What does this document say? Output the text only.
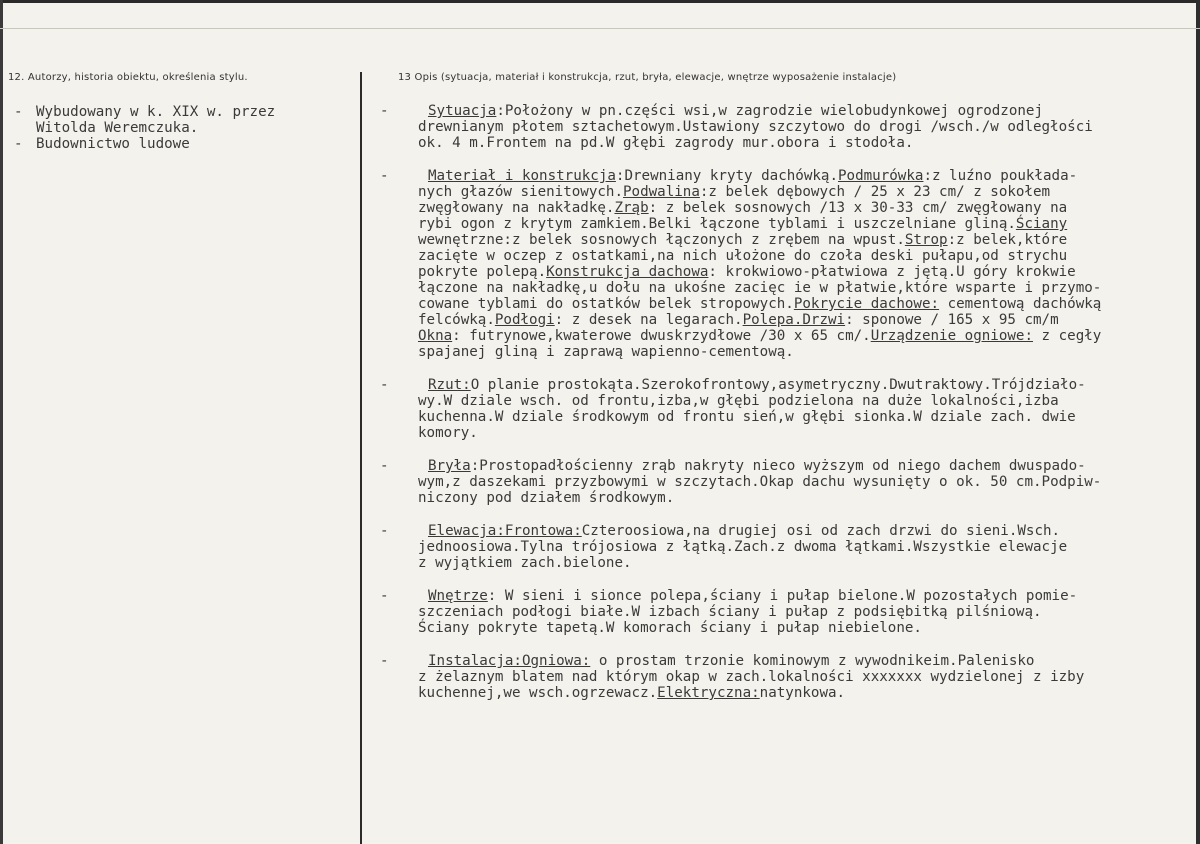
12. Autorzy, historia obiektu, określenia stylu.	13 Opis (sytuacja, materiał i konstrukcja, rzut, bryła, elewacje, wnętrze wyposażenie instalacje)
- Wybudowany w k. XIX w. przez
Witolda Weremczuka.
- Budownictwo ludowe
-	Sytuacja:Położony w pn.części wsi,w zagrodzie wielobudynkowej ogrodzonej
drewnianym płotem sztachetowym.Ustawiony szczytowo do drogi /wsch./w odległości
ok. 4 m.Frontem na pd.W głębi zagrody mur.obora i stodoła.
-	Materiał i konstrukcja:Drewniany kryty dachówką.Podmurówka:z luźno poukłada-
nych głazów sienitowych.Podwalina:z belek dębowych / 25 x 23 cm/ z sokołem
zwęgłowany na nakładkę.Zrąb: z belek sosnowych /13 x 30-33 cm/ zwęgłowany na
rybi ogon z krytym zamkiem.Belki łączone tyblami i uszczelniane gliną.Ściany
wewnętrzne:z belek sosnowych łączonych z zrębem na wpust.Strop:z belek,które
zacięte w oczep z ostatkami,na nich ułożone do czoła deski pułapu,od strychu
pokryte polepą.Konstrukcja dachowa: krokwiowo-płatwiowa z jętą.U góry krokwie
łączone na nakładkę,u dołu na ukośne zacięc ie w płatwie,które wsparte i przymo-
cowane tyblami do ostatków belek stropowych.Pokrycie dachowe: cementową dachówką
felcówką.Podłogi: z desek na legarach.Polepa.Drzwi: sponowe / 165 x 95 cm/m
Okna: futrynowe,kwaterowe dwuskrzydłowe /30 x 65 cm/.Urządzenie ogniowe: z cegły
spajanej gliną i zaprawą wapienno-cementową.
-	Rzut:O planie prostokąta.Szerokofrontowy,asymetryczny.Dwutraktowy.Trójdziało-
wy.W dziale wsch. od frontu,izba,w głębi podzielona na duże lokalności,izba
kuchenna.W dziale środkowym od frontu sień,w głębi sionka.W dziale zach. dwie
komory.
-	Bryła:Prostopadłościenny zrąb nakryty nieco wyższym od niego dachem dwuspado-
wym,z daszekami przyzbowymi w szczytach.Okap dachu wysunięty o ok. 50 cm.Podpiw-
niczony pod działem środkowym.
-	Elewacja:Frontowa:Czteroosiowa,na drugiej osi od zach drzwi do sieni.Wsch.
jednoosiowa.Tylna trójosiowa z łątką.Zach.z dwoma łątkami.Wszystkie elewacje
z wyjątkiem zach.bielone.
-	Wnętrze: W sieni i sionce polepa,ściany i pułap bielone.W pozostałych pomie-
szczeniach podłogi białe.W izbach ściany i pułap z podsiębitką pilśniową.
Ściany pokryte tapetą.W komorach ściany i pułap niebielone.
-	Instalacja:Ogniowa: o prostam trzonie kominowym z wywodnikeim.Palenisko
z żelaznym blatem nad którym okap w zach.lokalności xxxxxxx wydzielonej z izby
kuchennej,we wsch.ogrzewacz.Elektryczna:natynkowa.
